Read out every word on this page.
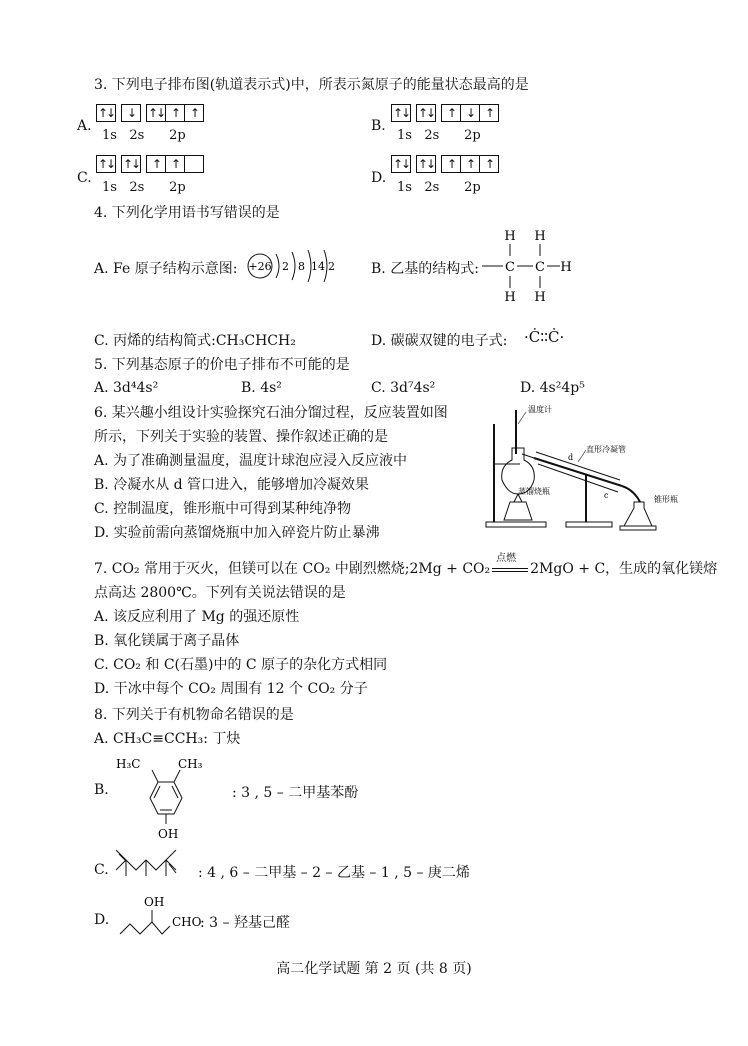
3. 下列电子排布图(轨道表示式)中，所表示氮原子的能量状态最高的是
A.
↑↓	↓	↑↓ ↑ ↑
1s   2s      2p
B.
↑↓ ↑↓	↑ ↓ ↑
1s   2s      2p
C.
↑↓ ↑↓	↑ ↑
1s   2s      2p
D.
↑↓ ↑↓	↑ ↑ ↑
1s   2s      2p
4. 下列化学用语书写错误的是
A. Fe 原子结构示意图: +26 2 8 14 2	B. 乙基的结构式:
H H
C C H
H H
C. 丙烯的结构简式:CH₃CHCH₂	D. 碳碳双键的电子式: ·Ċ∶∶Ċ·
5. 下列基态原子的价电子排布不可能的是
A. 3d⁴4s²	B. 4s²	C. 3d⁷4s²	D. 4s²4p⁵
6. 某兴趣小组设计实验探究石油分馏过程，反应装置如图
所示，下列关于实验的装置、操作叙述正确的是
A. 为了准确测量温度，温度计球泡应浸入反应液中
B. 冷凝水从 d 管口进入，能够增加冷凝效果
C. 控制温度，锥形瓶中可得到某种纯净物
D. 实验前需向蒸馏烧瓶中加入碎瓷片防止暴沸
温度计
蒸馏烧瓶
d
c
直形冷凝管
锥形瓶
7. CO₂ 常用于灭火，但镁可以在 CO₂ 中剧烈燃烧;2Mg + CO₂
点燃
2MgO + C，生成的氧化镁熔
点高达 2800℃。下列有关说法错误的是
A. 该反应利用了 Mg 的强还原性
B. 氧化镁属于离子晶体
C. CO₂ 和 C(石墨)中的 C 原子的杂化方式相同
D. 干冰中每个 CO₂ 周围有 12 个 CO₂ 分子
8. 下列关于有机物命名错误的是
A. CH₃C≡CCH₃: 丁炔
B.
H₃C	CH₃
OH
: 3 , 5 – 二甲基苯酚
C.	: 4 , 6 – 二甲基 – 2 – 乙基 – 1 , 5 – 庚二烯
D.
OH
CHO
: 3 – 羟基己醛
高二化学试题 第 2 页 (共 8 页)
